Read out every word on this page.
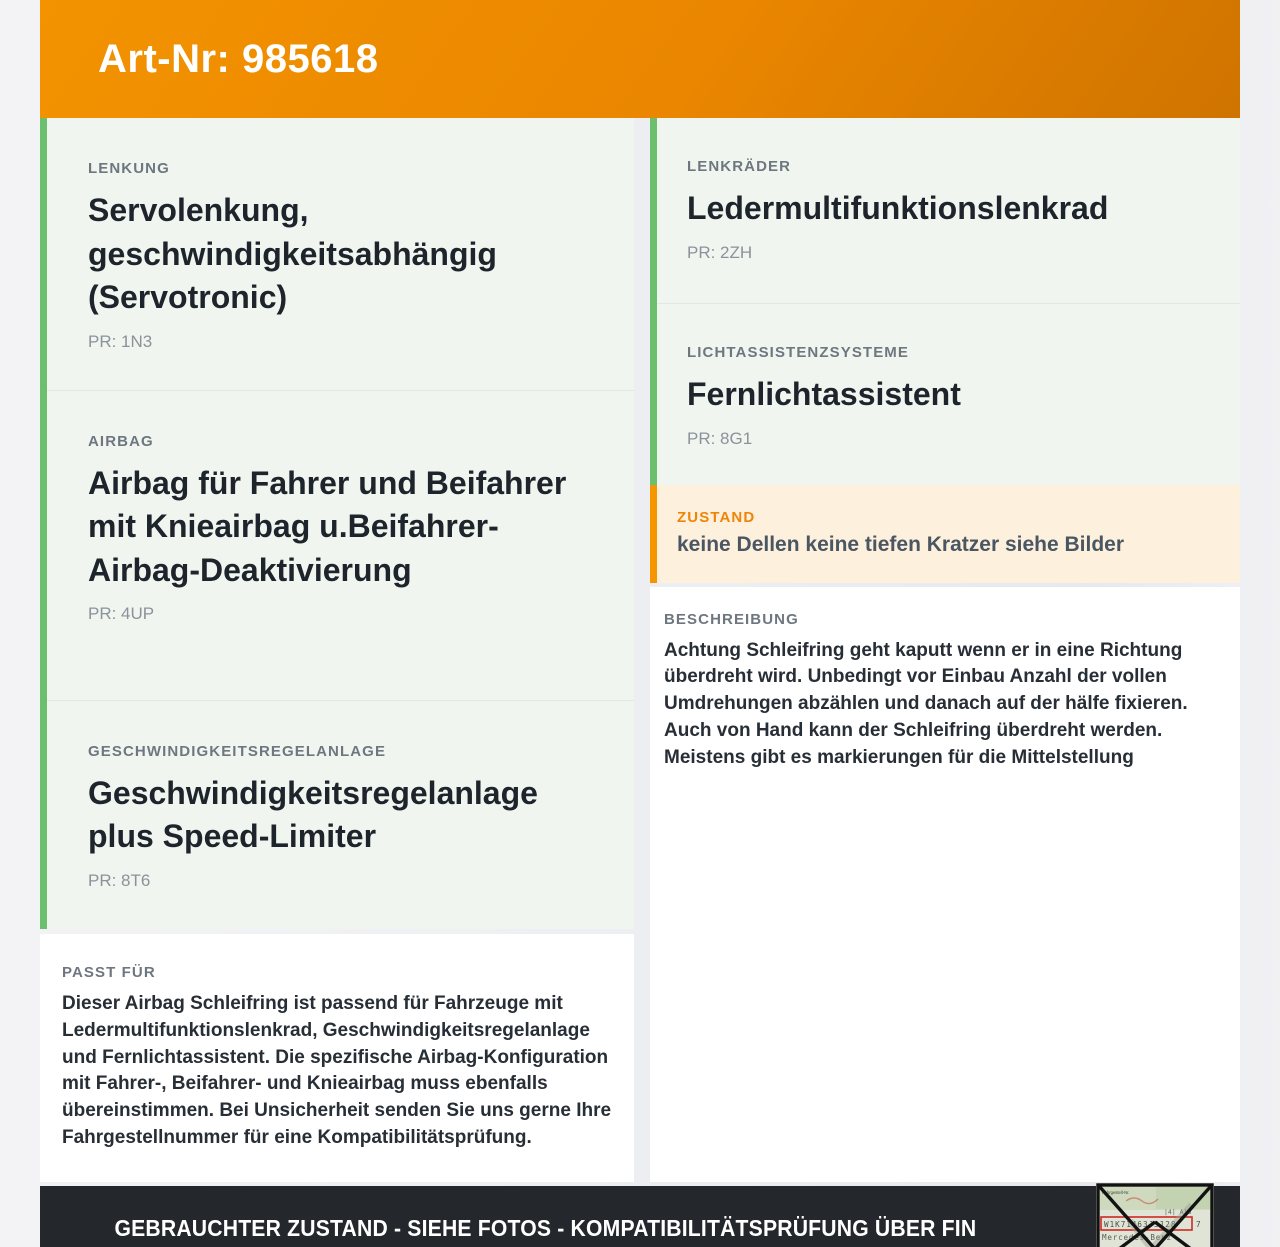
Art-Nr: 985618
LENKUNG
Servolenkung, geschwindigkeitsabhängig (Servotronic)
PR: 1N3
AIRBAG
Airbag für Fahrer und Beifahrer mit Knieairbag u.Beifahrer-Airbag-Deaktivierung
PR: 4UP
GESCHWINDIGKEITSREGELANLAGE
Geschwindigkeitsregelanlage plus Speed-Limiter
PR: 8T6
PASST FÜR
Dieser Airbag Schleifring ist passend für Fahrzeuge mit Ledermultifunktionslenkrad, Geschwindigkeitsregelanlage und Fernlichtassistent. Die spezifische Airbag-Konfiguration mit Fahrer-, Beifahrer- und Knieairbag muss ebenfalls übereinstimmen. Bei Unsicherheit senden Sie uns gerne Ihre Fahrgestellnummer für eine Kompatibilitätsprüfung.
LENKRÄDER
Ledermultifunktionslenkrad
PR: 2ZH
LICHTASSISTENZSYSTEME
Fernlichtassistent
PR: 8G1
ZUSTAND
keine Dellen keine tiefen Kratzer siehe Bilder
BESCHREIBUNG
Achtung Schleifring geht kaputt wenn er in eine Richtung überdreht wird. Unbedingt vor Einbau Anzahl der vollen Umdrehungen abzählen und danach auf der hälfe fixieren. Auch von Hand kann der Schleifring überdreht werden. Meistens gibt es markierungen für die Mittelstellung
GEBRAUCHTER ZUSTAND - SIEHE FOTOS - KOMPATIBILITÄTSPRÜFUNG ÜBER FIN
Fahrgestell-Nr.
|4| A16
W1K71463J3128	7
Mercedes-Benz
